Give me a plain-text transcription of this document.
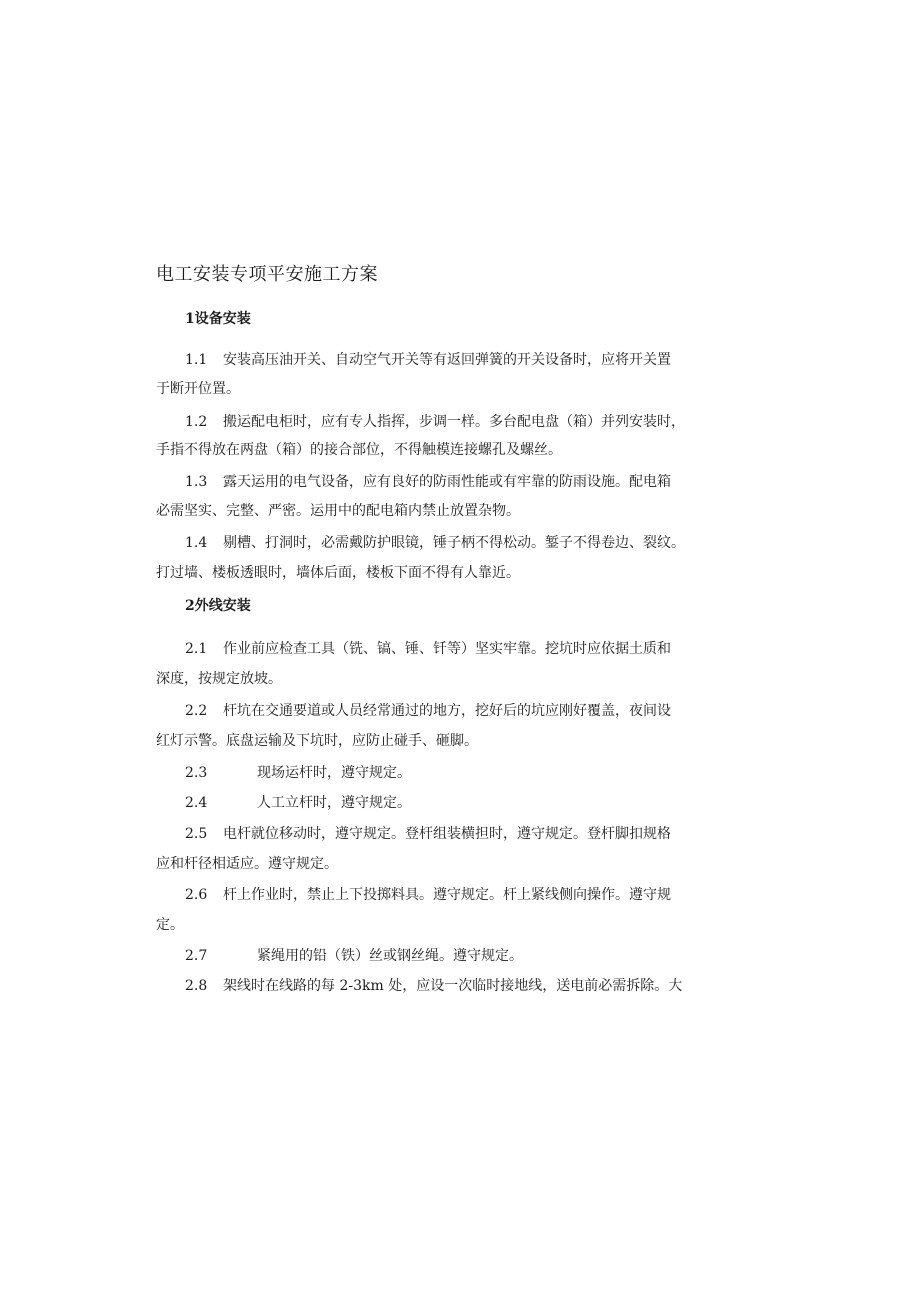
电工安装专项平安施工方案
1设备安装

1.1 安装高压油开关、自动空气开关等有返回弹簧的开关设备时，应将开关置

于断开位置。

1.2 搬运配电柜时，应有专人指挥，步调一样。多台配电盘（箱）并列安装时，

手指不得放在两盘（箱）的接合部位，不得触模连接螺孔及螺丝。

1.3 露天运用的电气设备，应有良好的防雨性能或有牢靠的防雨设施。配电箱

必需坚实、完整、严密。运用中的配电箱内禁止放置杂物。

1.4 剔槽、打洞时，必需戴防护眼镜，锤子柄不得松动。錾子不得卷边、裂纹。

打过墙、楼板透眼时，墙体后面，楼板下面不得有人靠近。

2外线安装

2.1 作业前应检查工具（铣、镐、锤、钎等）坚实牢靠。挖坑时应依据土质和

深度，按规定放坡。

2.2 杆坑在交通要道或人员经常通过的地方，挖好后的坑应刚好覆盖，夜间设

红灯示警。底盘运输及下坑时，应防止碰手、砸脚。

2.3	现场运杆时，遵守规定。

2.4	人工立杆时，遵守规定。

2.5 电杆就位移动时，遵守规定。登杆组装横担时，遵守规定。登杆脚扣规格

应和杆径相适应。遵守规定。

2.6 杆上作业时，禁止上下投掷料具。遵守规定。杆上紧线侧向操作。遵守规

定。

2.7	紧绳用的铅（铁）丝或钢丝绳。遵守规定。

2.8 架线时在线路的每 2-3km 处，应设一次临时接地线，送电前必需拆除。大
